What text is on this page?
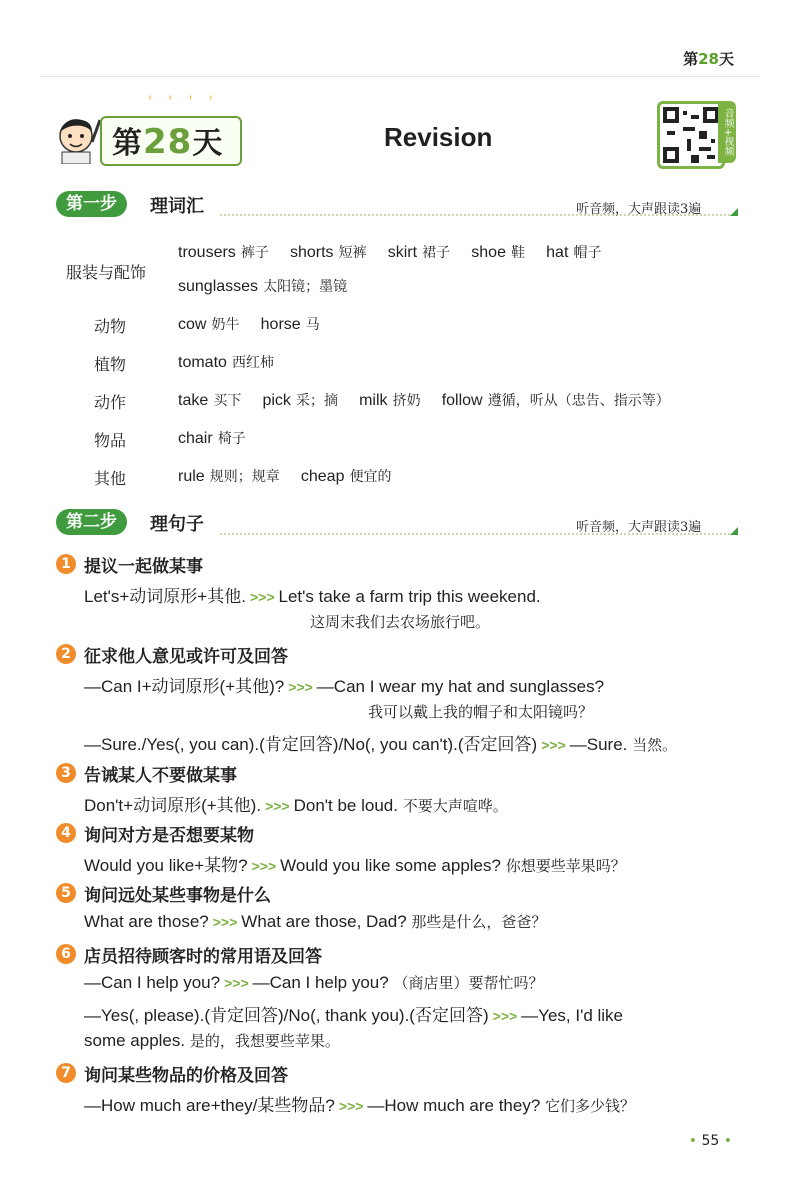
第28天
' ' ' '
第28天	Revision	音频+视频
第一步	理词汇	听音频，大声跟读3遍
服装与配饰
trousers 裤子 shorts 短裤 skirt 裙子 shoe 鞋 hat 帽子
sunglasses 太阳镜；墨镜
动物	cow 奶牛 horse 马
植物	tomato 西红柿
动作	take 买下 pick 采；摘 milk 挤奶 follow 遵循，听从（忠告、指示等）
物品	chair 椅子
其他	rule 规则；规章 cheap 便宜的
第二步	理句子	听音频，大声跟读3遍
1 提议一起做某事
Let's+动词原形+其他. >>> Let's take a farm trip this weekend.
这周末我们去农场旅行吧。
2 征求他人意见或许可及回答
—Can I+动词原形(+其他)? >>> —Can I wear my hat and sunglasses?
我可以戴上我的帽子和太阳镜吗？
—Sure./Yes(, you can).(肯定回答)/No(, you can't).(否定回答) >>> —Sure. 当然。
3 告诫某人不要做某事
Don't+动词原形(+其他). >>> Don't be loud. 不要大声喧哗。
4 询问对方是否想要某物
Would you like+某物? >>> Would you like some apples? 你想要些苹果吗？
5 询问远处某些事物是什么
What are those? >>> What are those, Dad? 那些是什么，爸爸？
6 店员招待顾客时的常用语及回答
—Can I help you? >>> —Can I help you? （商店里）要帮忙吗？
—Yes(, please).(肯定回答)/No(, thank you).(否定回答) >>> —Yes, I'd like
some apples. 是的，我想要些苹果。
7 询问某些物品的价格及回答
—How much are+they/某些物品? >>> —How much are they? 它们多少钱？
• 55 •
